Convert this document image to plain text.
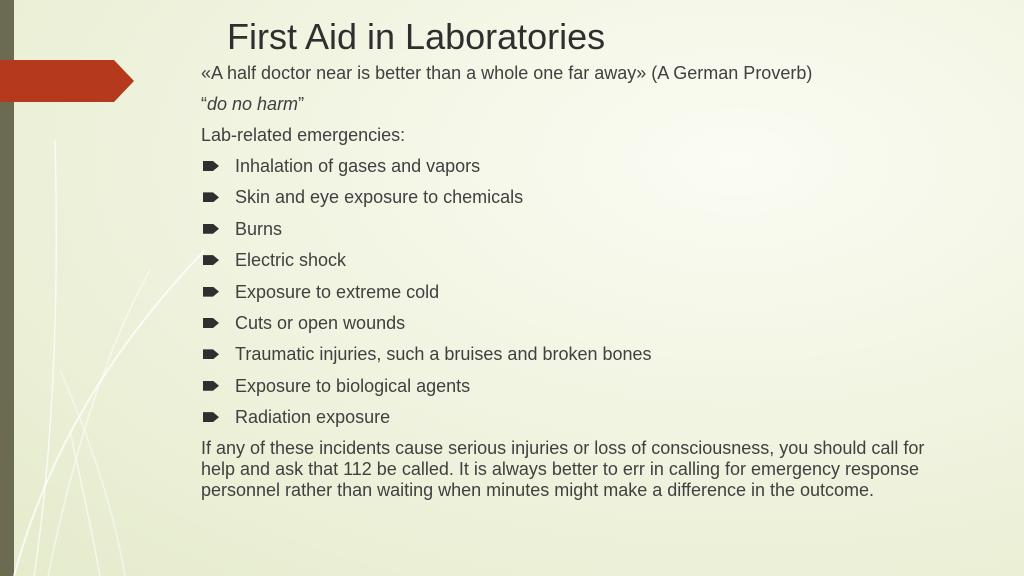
First Aid in Laboratories

«A half doctor near is better than a whole one far away» (A German Proverb)

“do no harm”

Lab-related emergencies:

Inhalation of gases and vapors
Skin and eye exposure to chemicals
Burns
Electric shock
Exposure to extreme cold
Cuts or open wounds
Traumatic injuries, such a bruises and broken bones
Exposure to biological agents
Radiation exposure

If any of these incidents cause serious injuries or loss of consciousness, you should call for help and ask that 112 be called. It is always better to err in calling for emergency response personnel rather than waiting when minutes might make a difference in the outcome.
